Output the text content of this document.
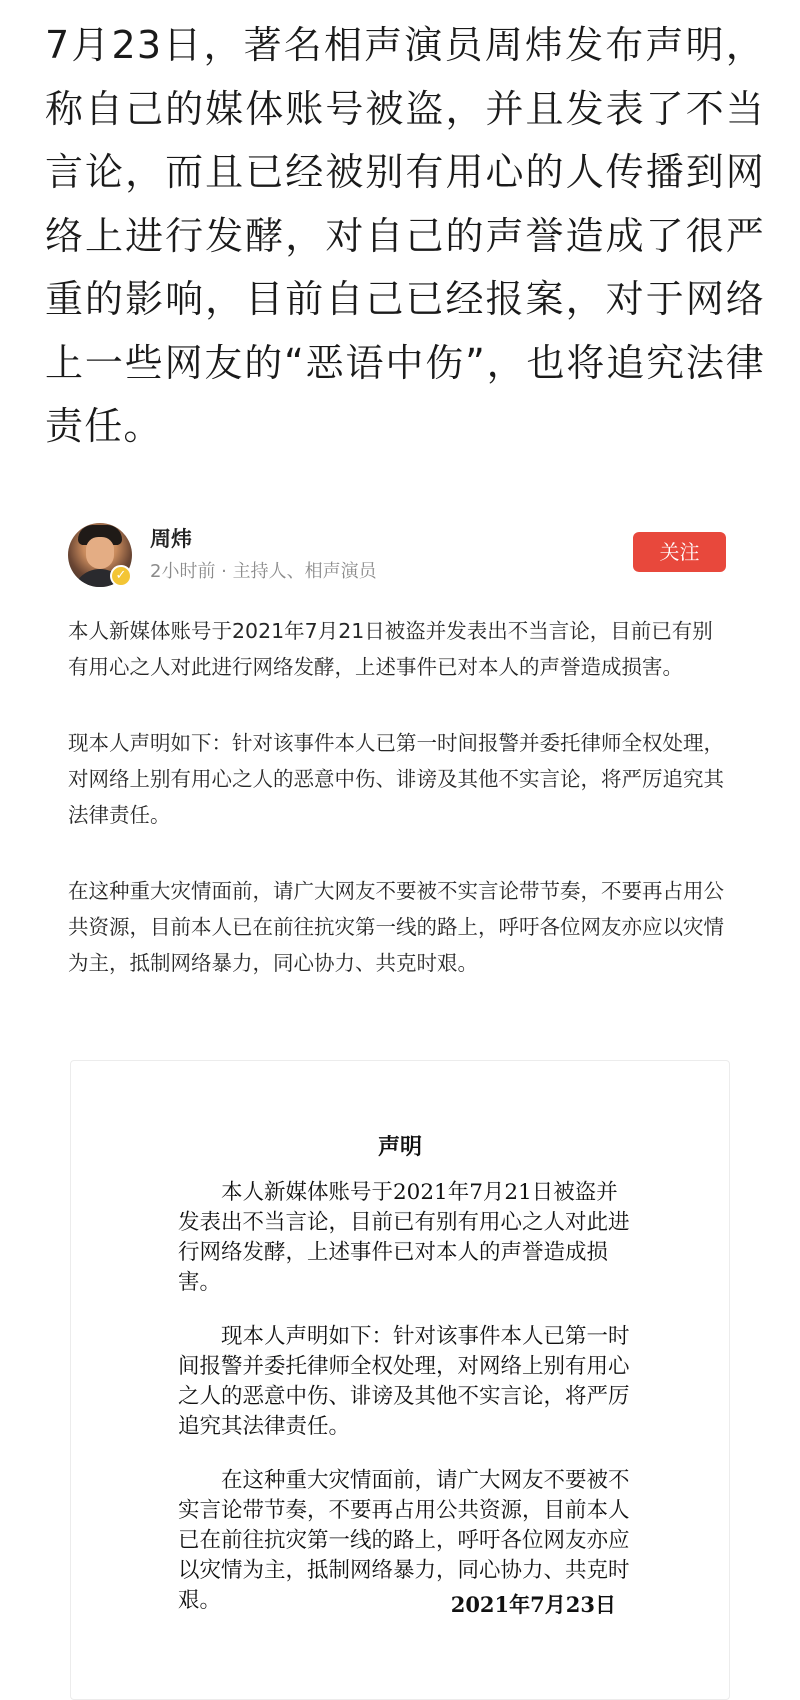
7月23日，著名相声演员周炜发布声明，称自己的媒体账号被盗，并且发表了不当言论，而且已经被别有用心的人传播到网络上进行发酵，对自己的声誉造成了很严重的影响，目前自己已经报案，对于网络上一些网友的“恶语中伤”，也将追究法律责任。
✓
周炜
2小时前 · 主持人、相声演员
关注

本人新媒体账号于2021年7月21日被盗并发表出不当言论，目前已有别有用心之人对此进行网络发酵，上述事件已对本人的声誉造成损害。

现本人声明如下：针对该事件本人已第一时间报警并委托律师全权处理，对网络上别有用心之人的恶意中伤、诽谤及其他不实言论，将严厉追究其法律责任。

在这种重大灾情面前，请广大网友不要被不实言论带节奏，不要再占用公共资源，目前本人已在前往抗灾第一线的路上，呼吁各位网友亦应以灾情为主，抵制网络暴力，同心协力、共克时艰。

声明

本人新媒体账号于2021年7月21日被盗并发表出不当言论，目前已有别有用心之人对此进行网络发酵，上述事件已对本人的声誉造成损害。

现本人声明如下：针对该事件本人已第一时间报警并委托律师全权处理，对网络上别有用心之人的恶意中伤、诽谤及其他不实言论，将严厉追究其法律责任。

在这种重大灾情面前，请广大网友不要被不实言论带节奏，不要再占用公共资源，目前本人已在前往抗灾第一线的路上，呼吁各位网友亦应以灾情为主，抵制网络暴力，同心协力、共克时艰。	2021年7月23日
